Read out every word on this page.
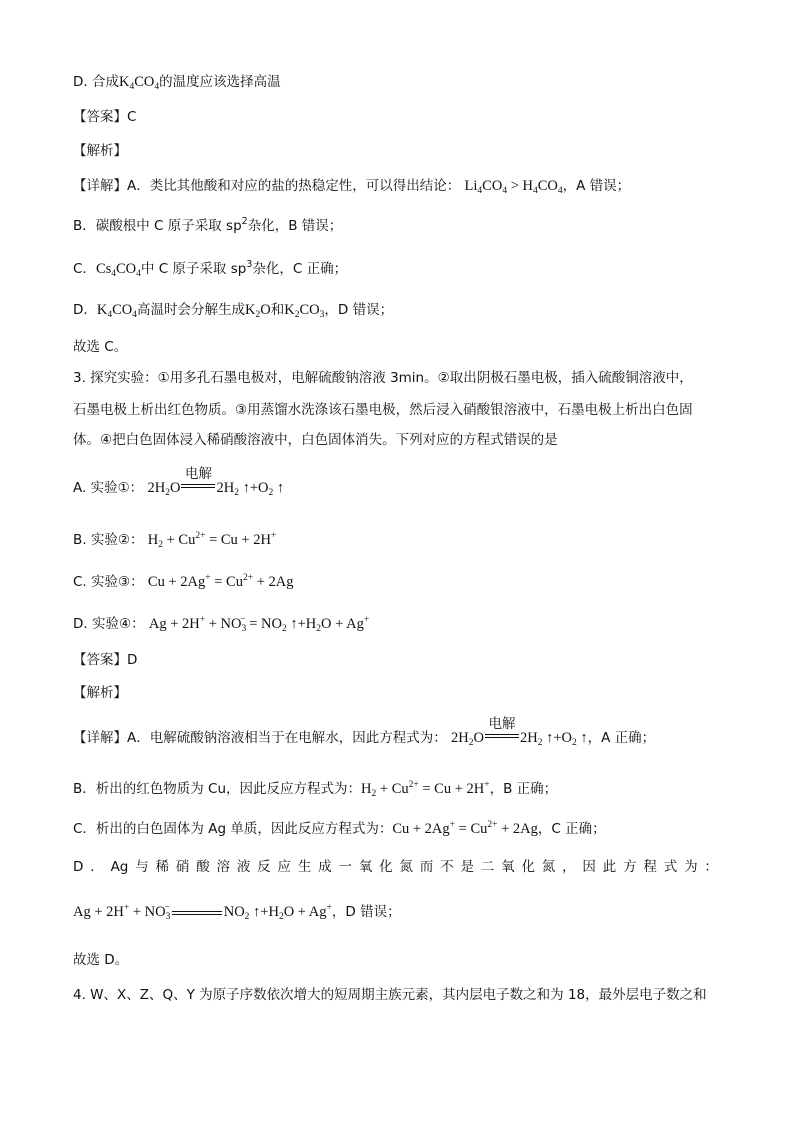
D. 合成$K_4CO_4$的温度应该选择高温
【答案】C
【解析】
【详解】A．类比其他酸和对应的盐的热稳定性，可以得出结论： $Li_4CO_4 > H_4CO_4$，A 错误；
B．碳酸根中 C 原子采取 $sp^2$杂化，B 错误；
C．$Cs_4CO_4$中 C 原子采取 $sp^3$杂化，C 正确；
D．$K_4CO_4$高温时会分解生成$K_2O$和$K_2CO_3$，D 错误；
故选 C。
3. 探究实验：①用多孔石墨电极对，电解硫酸钠溶液 3min。②取出阴极石墨电极，插入硫酸铜溶液中，
石墨电极上析出红色物质。③用蒸馏水洗涤该石墨电极，然后浸入硝酸银溶液中，石墨电极上析出白色固
体。④把白色固体浸入稀硝酸溶液中，白色固体消失。下列对应的方程式错误的是
A. 实验①： $2H_2O$
电解
$2H_2$ $↑+O_2$ ↑
B. 实验②： $H_2 + Cu^{2+} = Cu + 2H^+$
C. 实验③： $Cu + 2Ag^+ = Cu^{2+} + 2Ag$
D. 实验④： $Ag + 2H^+ + NO_3^- = NO_2$ $↑+H_2O + Ag^+$
【答案】D
【解析】
【详解】A．电解硫酸钠溶液相当于在电解水，因此方程式为： $2H_2O$
电解
$2H_2$ $↑+O_2$ ↑，A 正确；
B．析出的红色物质为 Cu，因此反应方程式为：$H_2 + Cu^{2+} = Cu + 2H^+$，B 正确；
C．析出的白色固体为 Ag 单质，因此反应方程式为：$Cu + 2Ag^+ = Cu^{2+} + 2Ag$，C 正确；
D ． Ag 与 稀 硝 酸 溶 液 反 应 生 成 一 氧 化 氮 而 不 是 二 氧 化 氮 ， 因 此 方 程 式 为 ：
$Ag + 2H^+ + NO_3^-$	$NO_2$ $↑+H_2O + Ag^+$，D 错误；
故选 D。
4. W、X、Z、Q、Y 为原子序数依次增大的短周期主族元素，其内层电子数之和为 18，最外层电子数之和
